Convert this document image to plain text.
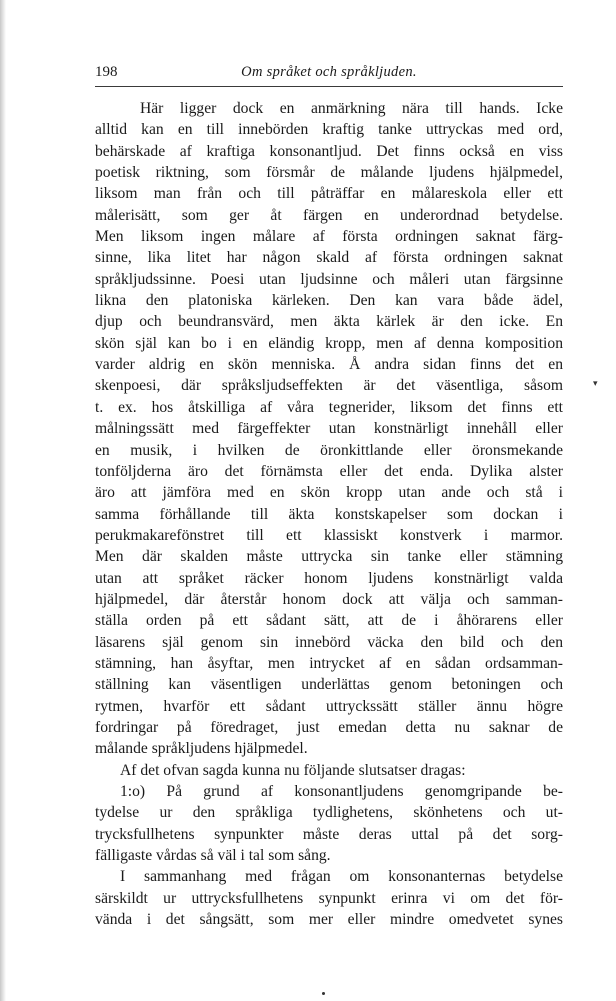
198	Om språket och språkljuden.
Här ligger dock en anmärkning nära till hands. Icke
alltid kan en till innebörden kraftig tanke uttryckas med ord,
behärskade af kraftiga konsonantljud. Det finns också en viss
poetisk riktning, som försmår de målande ljudens hjälpmedel,
liksom man från och till påträffar en målareskola eller ett
målerisätt, som ger åt färgen en underordnad betydelse.
Men liksom ingen målare af första ordningen saknat färg-
sinne, lika litet har någon skald af första ordningen saknat
språkljudssinne. Poesi utan ljudsinne och måleri utan färgsinne
likna den platoniska kärleken. Den kan vara både ädel,
djup och beundransvärd, men äkta kärlek är den icke. En
skön själ kan bo i en eländig kropp, men af denna komposition
varder aldrig en skön menniska. Å andra sidan finns det en
skenpoesi, där språksljudseffekten är det väsentliga, såsom
t. ex. hos åtskilliga af våra tegnerider, liksom det finns ett
målningssätt med färgeffekter utan konstnärligt innehåll eller
en musik, i hvilken de öronkittlande eller öronsmekande
tonföljderna äro det förnämsta eller det enda. Dylika alster
äro att jämföra med en skön kropp utan ande och stå i
samma förhållande till äkta konstskapelser som dockan i
perukmakarefönstret till ett klassiskt konstverk i marmor.
Men där skalden måste uttrycka sin tanke eller stämning
utan att språket räcker honom ljudens konstnärligt valda
hjälpmedel, där återstår honom dock att välja och samman-
ställa orden på ett sådant sätt, att de i åhörarens eller
läsarens själ genom sin innebörd väcka den bild och den
stämning, han åsyftar, men intrycket af en sådan ordsamman-
ställning kan väsentligen underlättas genom betoningen och
rytmen, hvarför ett sådant uttryckssätt ställer ännu högre
fordringar på föredraget, just emedan detta nu saknar de
målande språkljudens hjälpmedel.
Af det ofvan sagda kunna nu följande slutsatser dragas:
1:o) På grund af konsonantljudens genomgripande be-
tydelse ur den språkliga tydlighetens, skönhetens och ut-
trycksfullhetens synpunkter måste deras uttal på det sorg-
fälligaste vårdas så väl i tal som sång.
I sammanhang med frågan om konsonanternas betydelse
särskildt ur uttrycksfullhetens synpunkt erinra vi om det för-
vända i det sångsätt, som mer eller mindre omedvetet synes
▾
